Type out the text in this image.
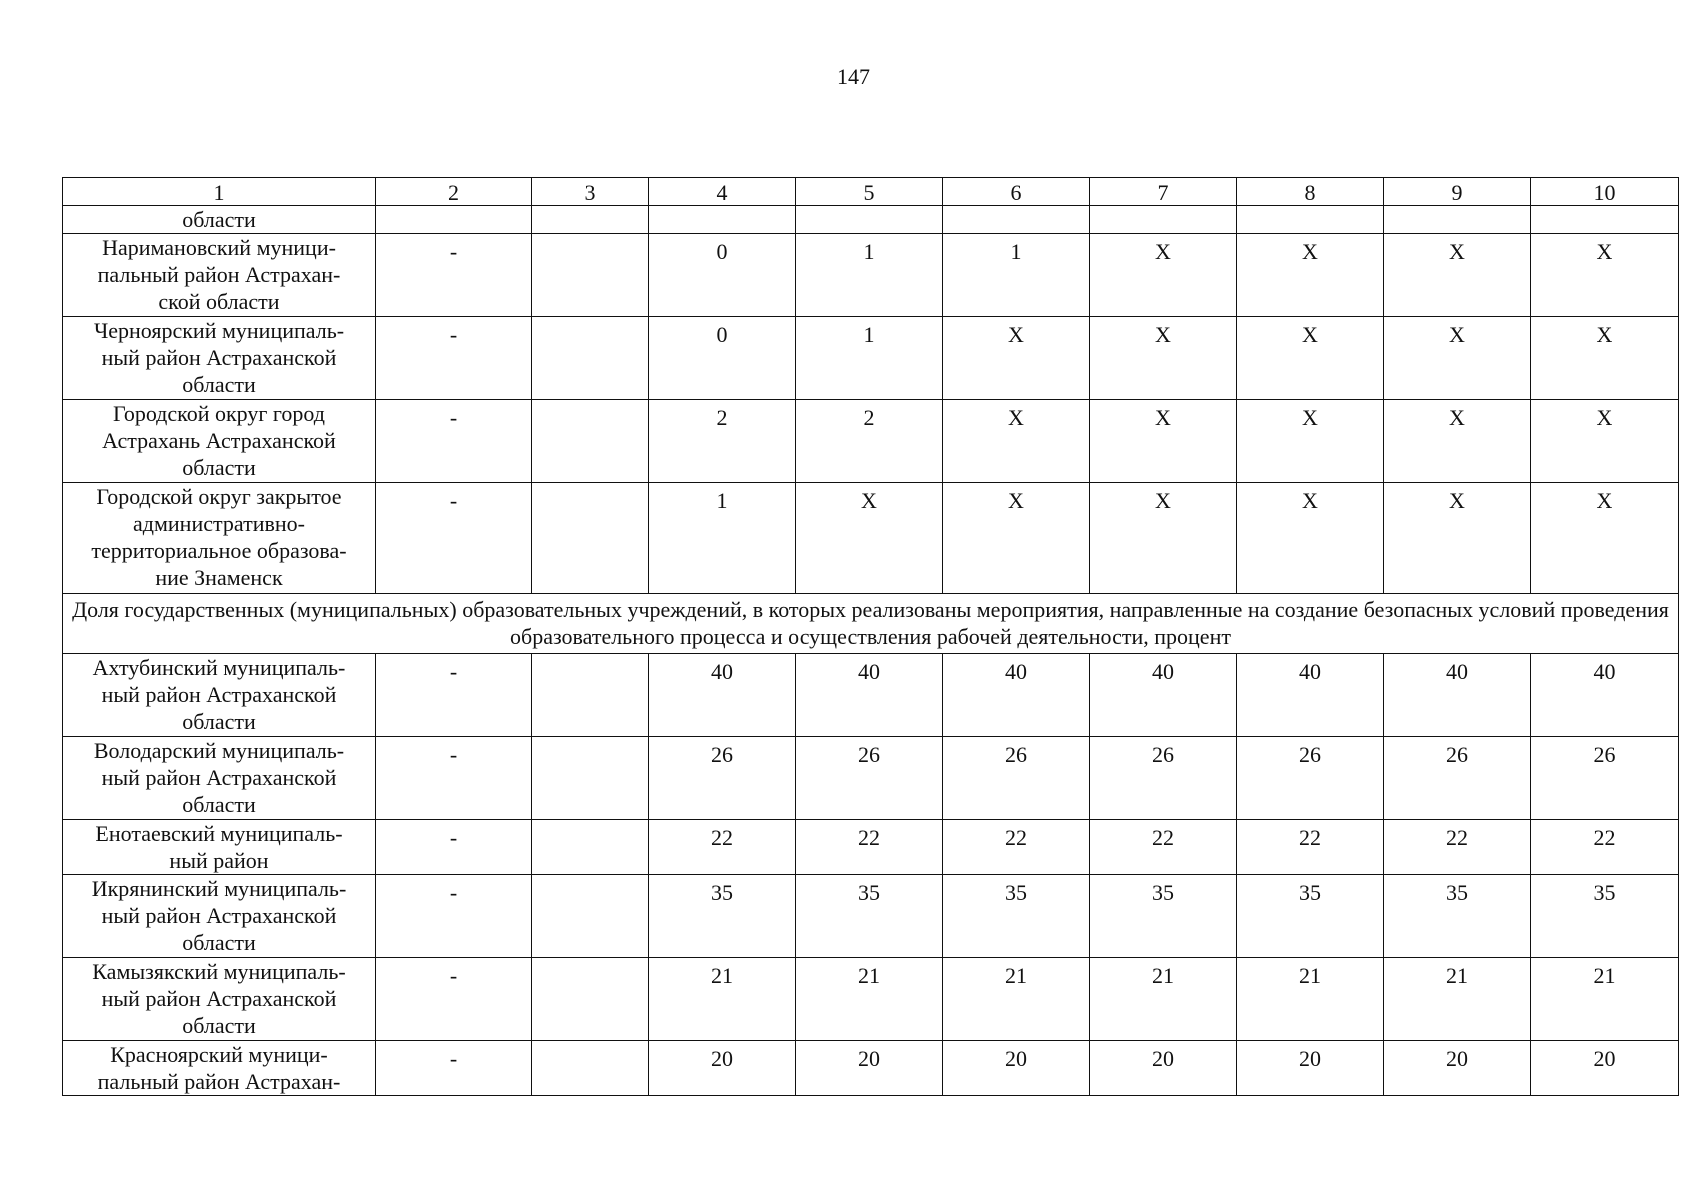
147
1	2	3	4	5	6	7	8	9	10
области									
Наримановский муници-
пальный район Астрахан-
ской области	-		0	1	1	X	X	X	X
Черноярский муниципаль-
ный район Астраханской
области	-		0	1	X	X	X	X	X
Городской округ город
Астрахань Астраханской
области	-		2	2	X	X	X	X	X
Городской округ закрытое
административно-
территориальное образова-
ние Знаменск	-		1	X	X	X	X	X	X
Доля государственных (муниципальных) образовательных учреждений, в которых реализованы мероприятия, направленные на создание безопасных условий проведения образовательного процесса и осуществления рабочей деятельности, процент									
Ахтубинский муниципаль-
ный район Астраханской
области	-		40	40	40	40	40	40	40
Володарский муниципаль-
ный район Астраханской
области	-		26	26	26	26	26	26	26
Енотаевский муниципаль-
ный район	-		22	22	22	22	22	22	22
Икрянинский муниципаль-
ный район Астраханской
области	-		35	35	35	35	35	35	35
Камызякский муниципаль-
ный район Астраханской
области	-		21	21	21	21	21	21	21
Красноярский муници-
пальный район Астрахан-	-		20	20	20	20	20	20	20
